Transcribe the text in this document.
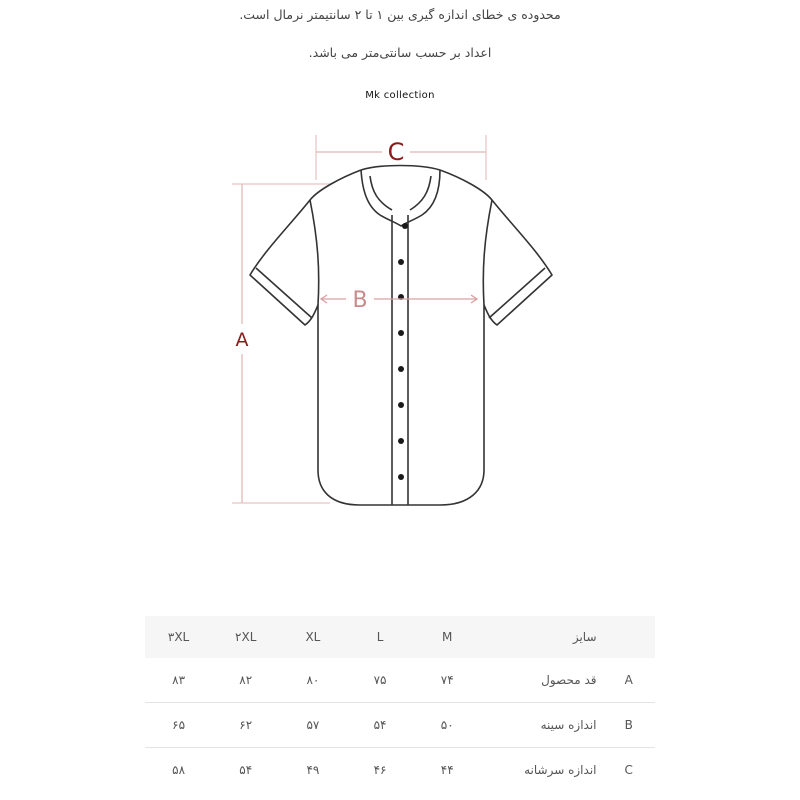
محدوده ی خطای اندازه گیری بین ۱ تا ۲ سانتیمتر نرمال است.
اعداد بر حسب سانتی‌متر می باشد.
Mk collection
C
A
B
۳XL	۲XL	XL	L	M	سایز	
۸۳	۸۲	۸۰	۷۵	۷۴	قد محصول	A
۶۵	۶۲	۵۷	۵۴	۵۰	اندازه سینه	B
۵۸	۵۴	۴۹	۴۶	۴۴	اندازه سرشانه	C
